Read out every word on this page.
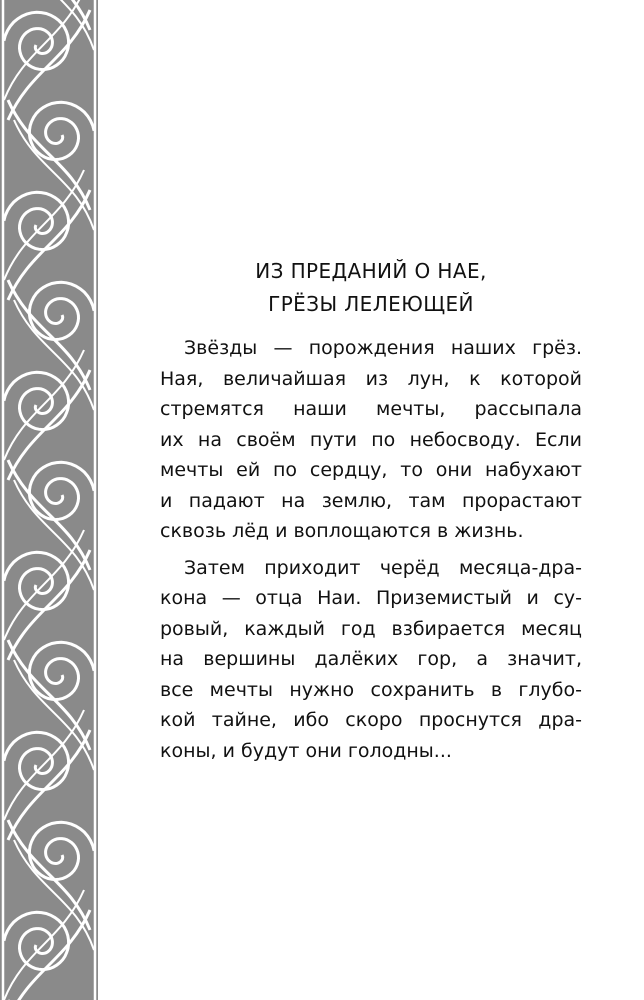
ИЗ ПРЕДАНИЙ О НАЕ,
ГРЁЗЫ ЛЕЛЕЮЩЕЙ

Звёзды — порождения наших грёз.
Ная, величайшая из лун, к которой
стремятся наши мечты, рассыпала
их на своём пути по небосводу. Если
мечты ей по сердцу, то они набухают
и падают на землю, там прорастают
сквозь лёд и воплощаются в жизнь.

Затем приходит черёд месяца-дра-
кона — отца Наи. Приземистый и су-
ровый, каждый год взбирается месяц
на вершины далёких гор, а значит,
все мечты нужно сохранить в глубо-
кой тайне, ибо скоро проснутся дра-
коны, и будут они голодны...
